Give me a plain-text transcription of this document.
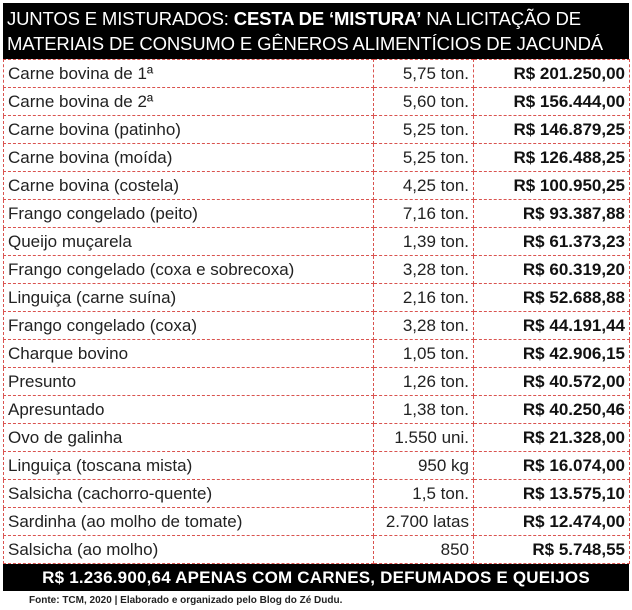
JUNTOS E MISTURADOS: CESTA DE ‘MISTURA’ NA LICITAÇÃO DE
MATERIAIS DE CONSUMO E GÊNEROS ALIMENTÍCIOS DE JACUNDÁ
Carne bovina de 1ª	5,75 ton.	R$ 201.250,00
Carne bovina de 2ª	5,60 ton.	R$ 156.444,00
Carne bovina (patinho)	5,25 ton.	R$ 146.879,25
Carne bovina (moída)	5,25 ton.	R$ 126.488,25
Carne bovina (costela)	4,25 ton.	R$ 100.950,25
Frango congelado (peito)	7,16 ton.	R$ 93.387,88
Queijo muçarela	1,39 ton.	R$ 61.373,23
Frango congelado (coxa e sobrecoxa)	3,28 ton.	R$ 60.319,20
Linguiça (carne suína)	2,16 ton.	R$ 52.688,88
Frango congelado (coxa)	3,28 ton.	R$ 44.191,44
Charque bovino	1,05 ton.	R$ 42.906,15
Presunto	1,26 ton.	R$ 40.572,00
Apresuntado	1,38 ton.	R$ 40.250,46
Ovo de galinha	1.550 uni.	R$ 21.328,00
Linguiça (toscana mista)	950 kg	R$ 16.074,00
Salsicha (cachorro-quente)	1,5 ton.	R$ 13.575,10
Sardinha (ao molho de tomate)	2.700 latas	R$ 12.474,00
Salsicha (ao molho)	850	R$ 5.748,55
R$ 1.236.900,64 APENAS COM CARNES, DEFUMADOS E QUEIJOS
Fonte: TCM, 2020 | Elaborado e organizado pelo Blog do Zé Dudu.
